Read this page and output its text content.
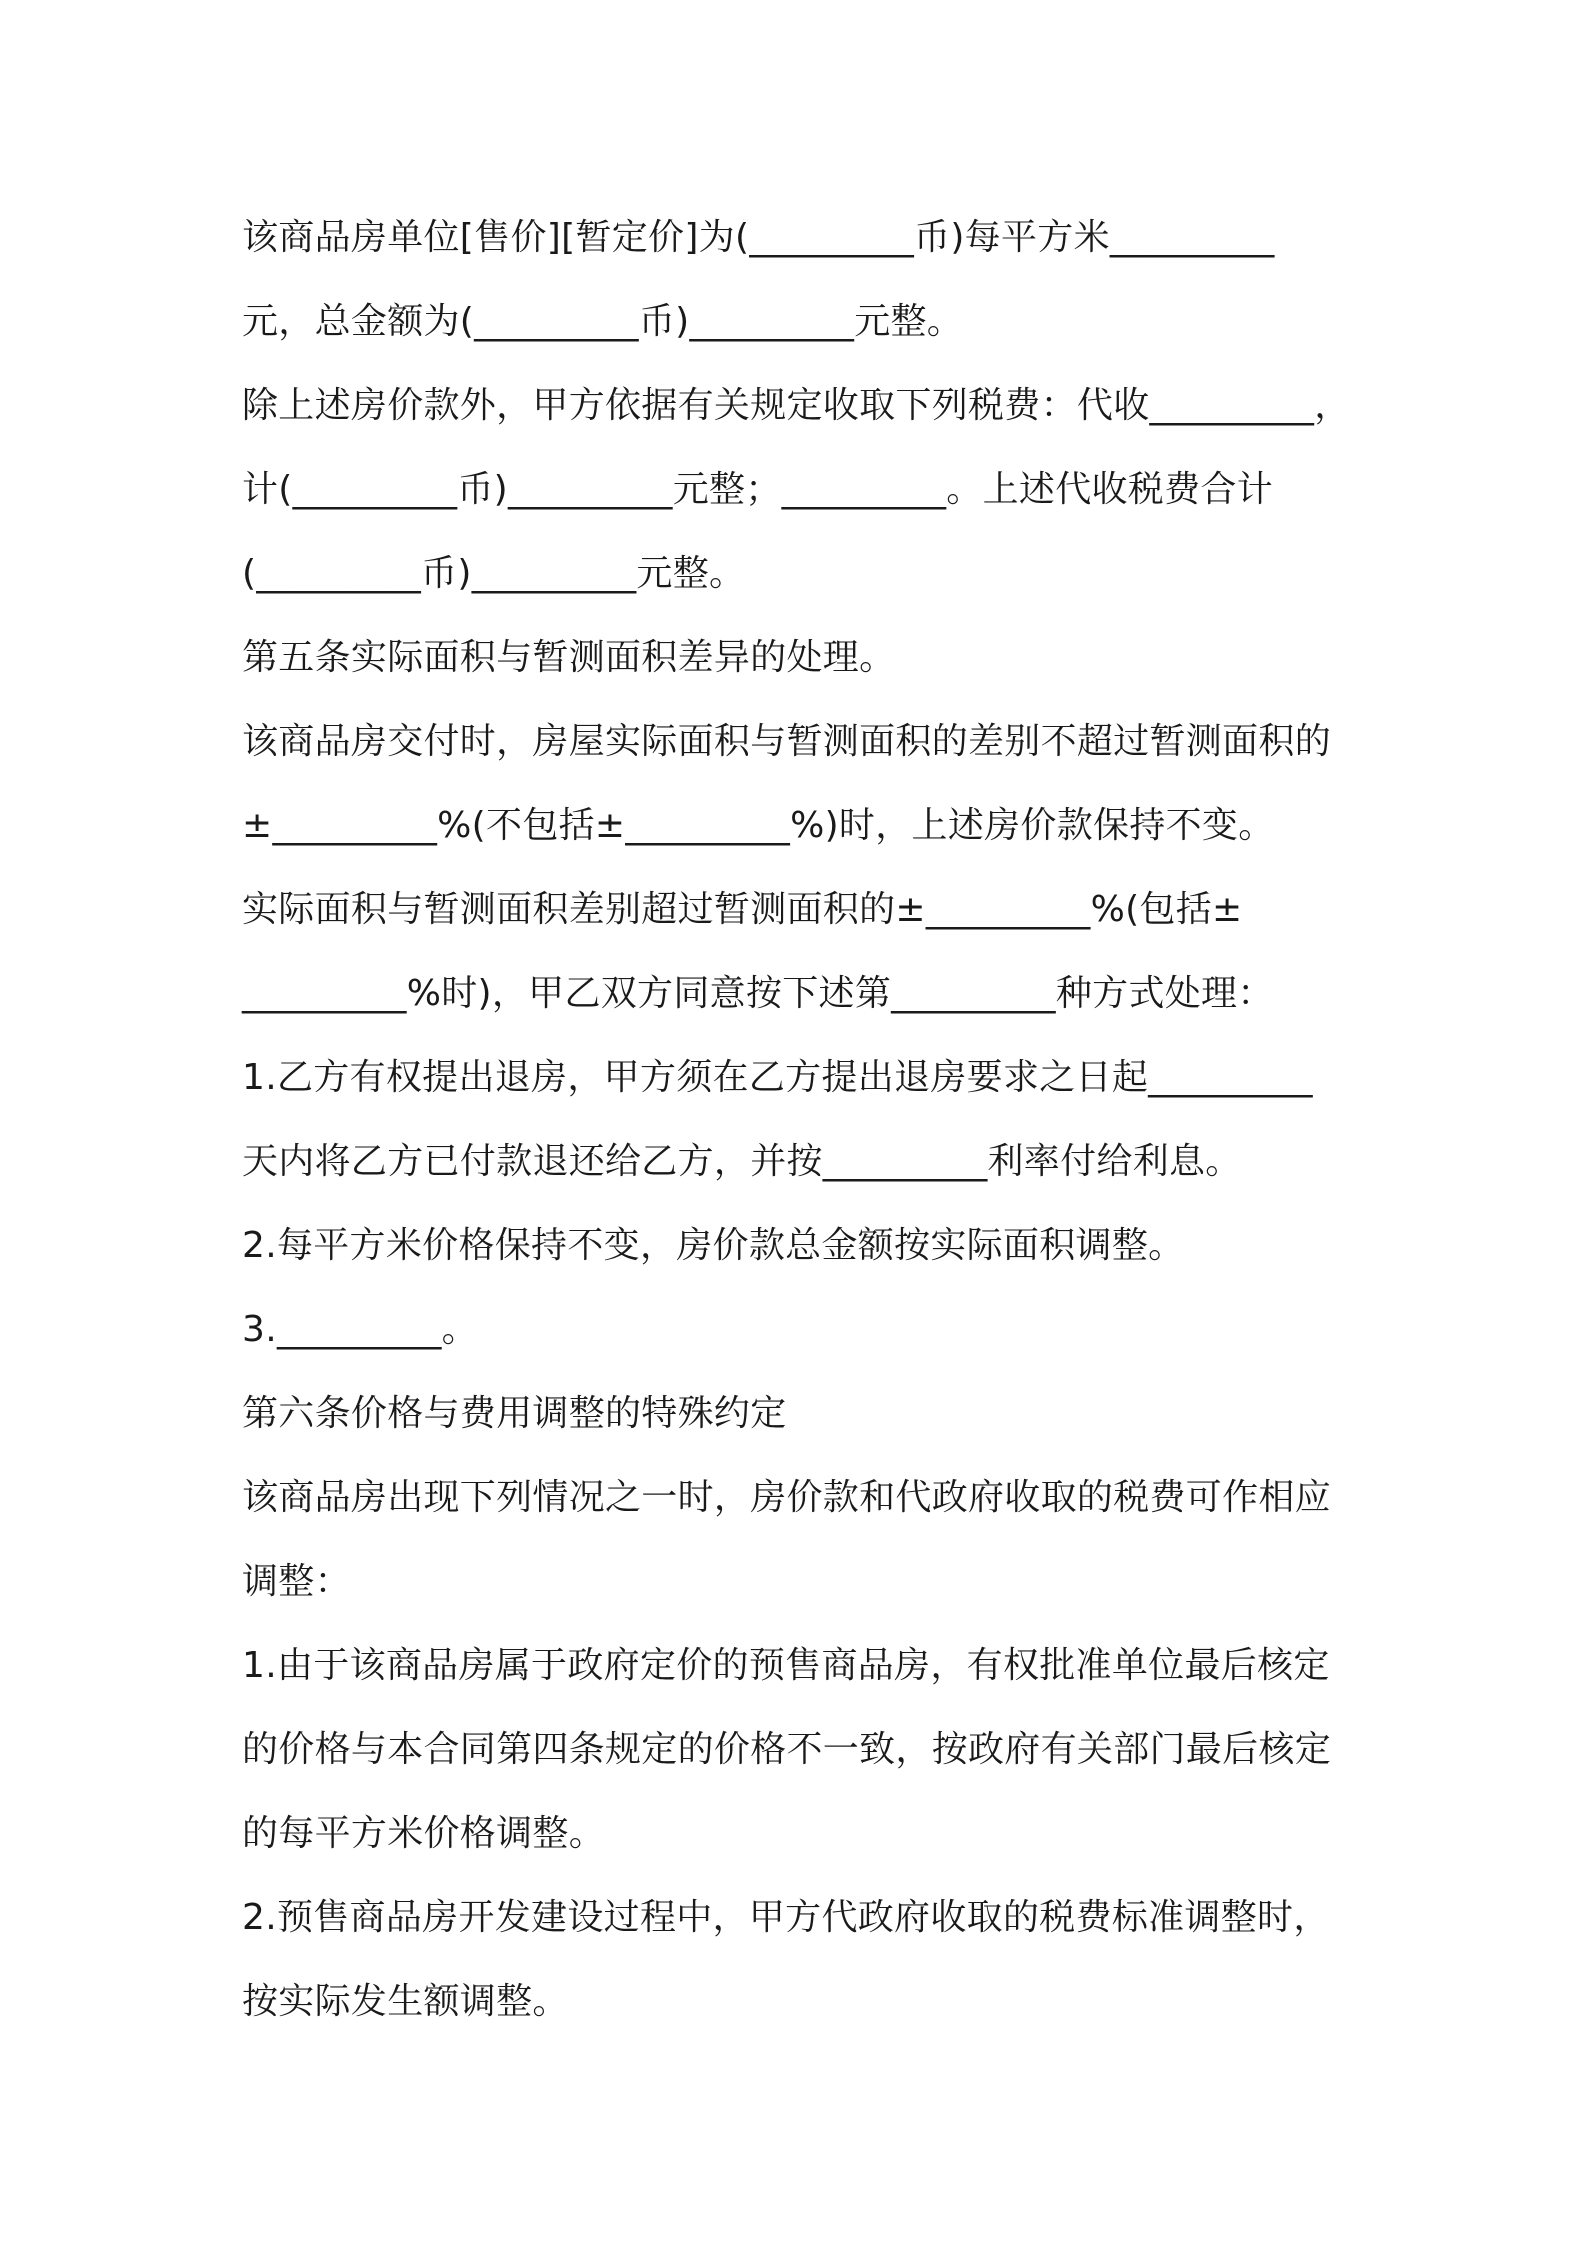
该商品房单位[售价][暂定价]为(_________币)每平方米_________
元，总金额为(_________币)_________元整。
除上述房价款外，甲方依据有关规定收取下列税费：代收_________，
计(_________币)_________元整；_________。上述代收税费合计
(_________币)_________元整。
第五条实际面积与暂测面积差异的处理。
该商品房交付时，房屋实际面积与暂测面积的差别不超过暂测面积的
±_________%(不包括±_________%)时，上述房价款保持不变。
实际面积与暂测面积差别超过暂测面积的±_________%(包括±
_________%时)，甲乙双方同意按下述第_________种方式处理：
1.乙方有权提出退房，甲方须在乙方提出退房要求之日起_________
天内将乙方已付款退还给乙方，并按_________利率付给利息。
2.每平方米价格保持不变，房价款总金额按实际面积调整。
3._________。
第六条价格与费用调整的特殊约定
该商品房出现下列情况之一时，房价款和代政府收取的税费可作相应
调整：
1.由于该商品房属于政府定价的预售商品房，有权批准单位最后核定
的价格与本合同第四条规定的价格不一致，按政府有关部门最后核定
的每平方米价格调整。
2.预售商品房开发建设过程中，甲方代政府收取的税费标准调整时，
按实际发生额调整。
